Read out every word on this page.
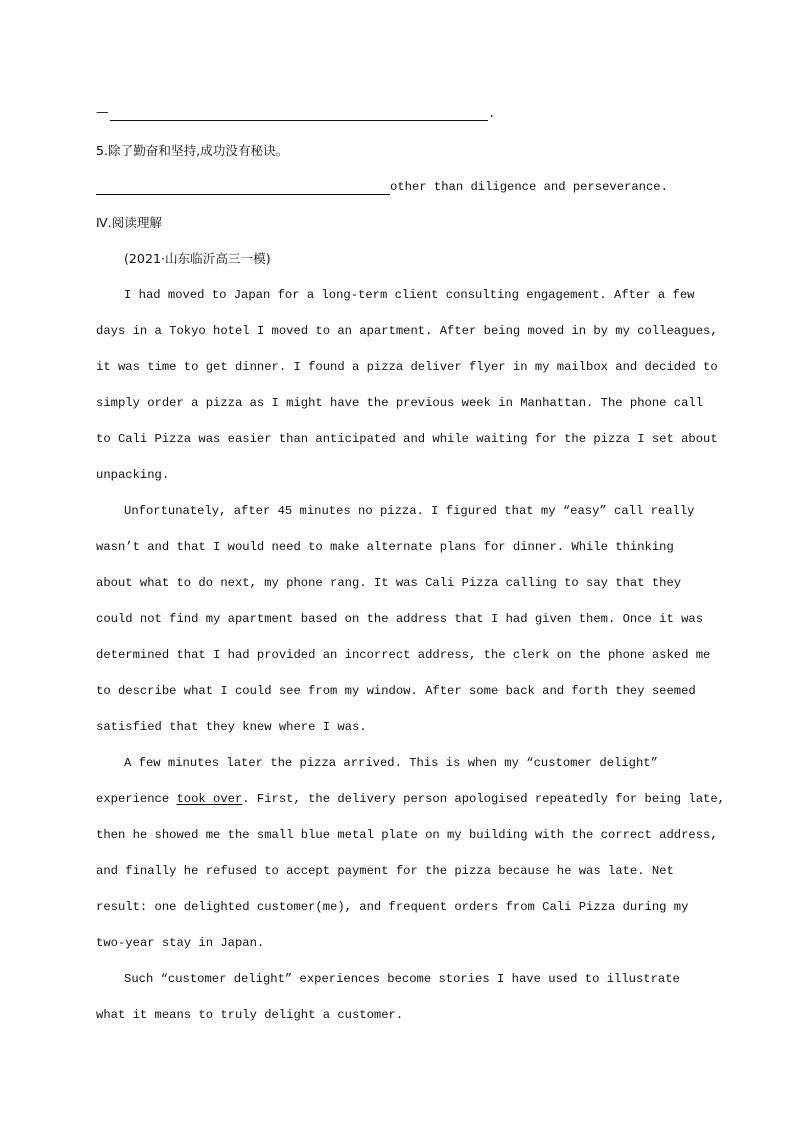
—	.
5.除了勤奋和坚持,成功没有秘诀。
other than diligence and perseverance.
Ⅳ.阅读理解
(2021·山东临沂高三一模)
I had moved to Japan for a long-term client consulting engagement. After a few
days in a Tokyo hotel I moved to an apartment. After being moved in by my colleagues,
it was time to get dinner. I found a pizza deliver flyer in my mailbox and decided to
simply order a pizza as I might have the previous week in Manhattan. The phone call
to Cali Pizza was easier than anticipated and while waiting for the pizza I set about
unpacking.
Unfortunately, after 45 minutes no pizza. I figured that my “easy” call really
wasn’t and that I would need to make alternate plans for dinner. While thinking
about what to do next, my phone rang. It was Cali Pizza calling to say that they
could not find my apartment based on the address that I had given them. Once it was
determined that I had provided an incorrect address, the clerk on the phone asked me
to describe what I could see from my window. After some back and forth they seemed
satisfied that they knew where I was.
A few minutes later the pizza arrived. This is when my “customer delight”
experience took over. First, the delivery person apologised repeatedly for being late,
then he showed me the small blue metal plate on my building with the correct address,
and finally he refused to accept payment for the pizza because he was late. Net
result: one delighted customer(me), and frequent orders from Cali Pizza during my
two-year stay in Japan.
Such “customer delight” experiences become stories I have used to illustrate
what it means to truly delight a customer.
